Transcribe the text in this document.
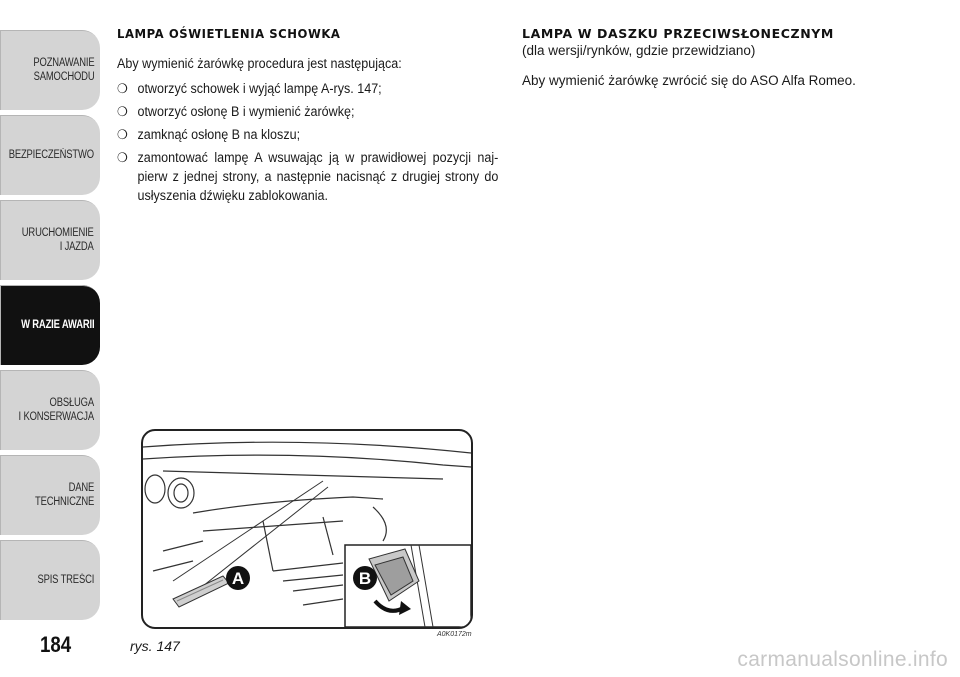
POZNAWANIE
SAMOCHODU
BEZPIECZEŃSTWO
URUCHOMIENIE
I JAZDA
W RAZIE AWARII
OBSŁUGA
I KONSERWACJA
DANE
TECHNICZNE
SPIS TREŚCI
184
LAMPA OŚWIETLENIA SCHOWKA

Aby wymienić żarówkę procedura jest następująca:

❍ otworzyć schowek i wyjąć lampę A-rys. 147;
❍ otworzyć osłonę B i wymienić żarówkę;
❍ zamknąć osłonę B na kloszu;
❍ zamontować lampę A wsuwając ją w prawidłowej pozycji naj-pierw z jednej strony, a następnie nacisnąć z drugiej strony do usłyszenia dźwięku zablokowania.
LAMPA W DASZKU PRZECIWSŁONECZNYM

(dla wersji/rynków, gdzie przewidziano)

Aby wymienić żarówkę zwrócić się do ASO Alfa Romeo.

A	B
rys. 147
A0K0172m
carmanualsonline.info
